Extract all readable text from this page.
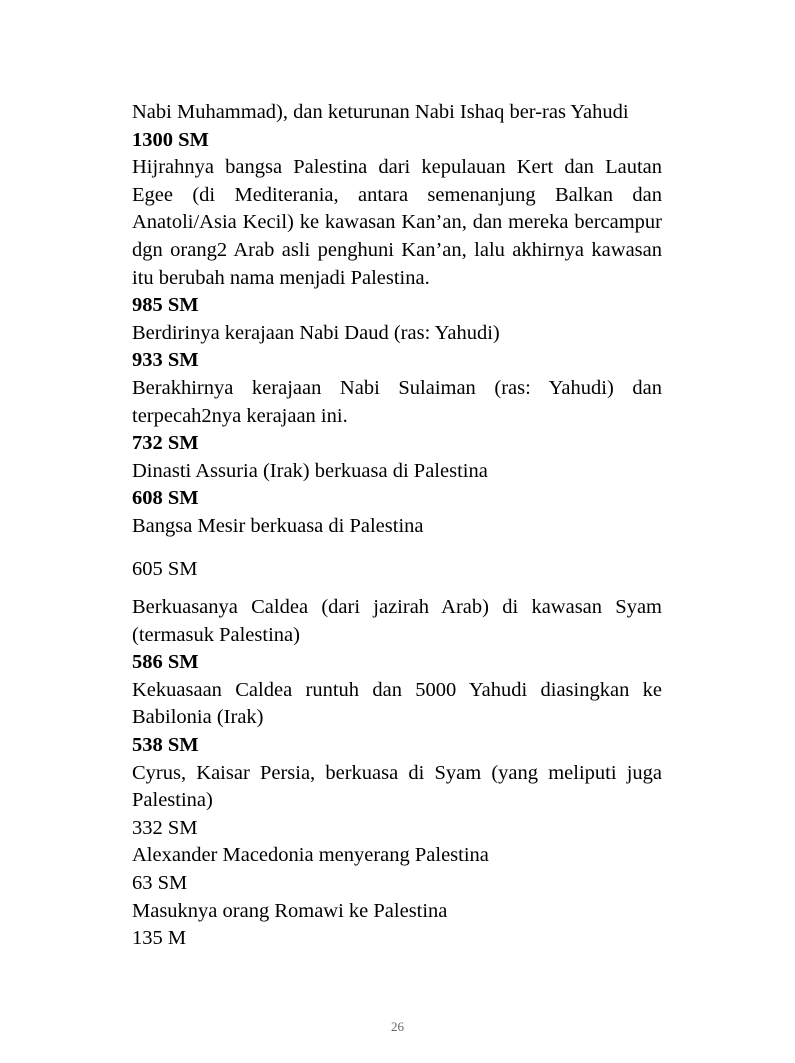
Nabi Muhammad), dan keturunan Nabi Ishaq ber-ras Yahudi

1300 SM

Hijrahnya bangsa Palestina dari kepulauan Kert dan Lautan Egee (di Mediterania, antara semenanjung Balkan dan Anatoli/Asia Kecil) ke kawasan Kan’an, dan mereka bercampur dgn orang2 Arab asli penghuni Kan’an, lalu akhirnya kawasan itu berubah nama menjadi Palestina.

985 SM

Berdirinya kerajaan Nabi Daud (ras: Yahudi)

933 SM

Berakhirnya kerajaan Nabi Sulaiman (ras: Yahudi) dan terpecah2nya kerajaan ini.

732 SM

Dinasti Assuria (Irak) berkuasa di Palestina

608 SM

Bangsa Mesir berkuasa di Palestina

605 SM

Berkuasanya Caldea (dari jazirah Arab) di kawasan Syam (termasuk Palestina)

586 SM

Kekuasaan Caldea runtuh dan 5000 Yahudi diasingkan ke Babilonia (Irak)

538 SM

Cyrus, Kaisar Persia, berkuasa di Syam (yang meliputi juga Palestina)

332 SM

Alexander Macedonia menyerang Palestina

63 SM

Masuknya orang Romawi ke Palestina

135 M

26
